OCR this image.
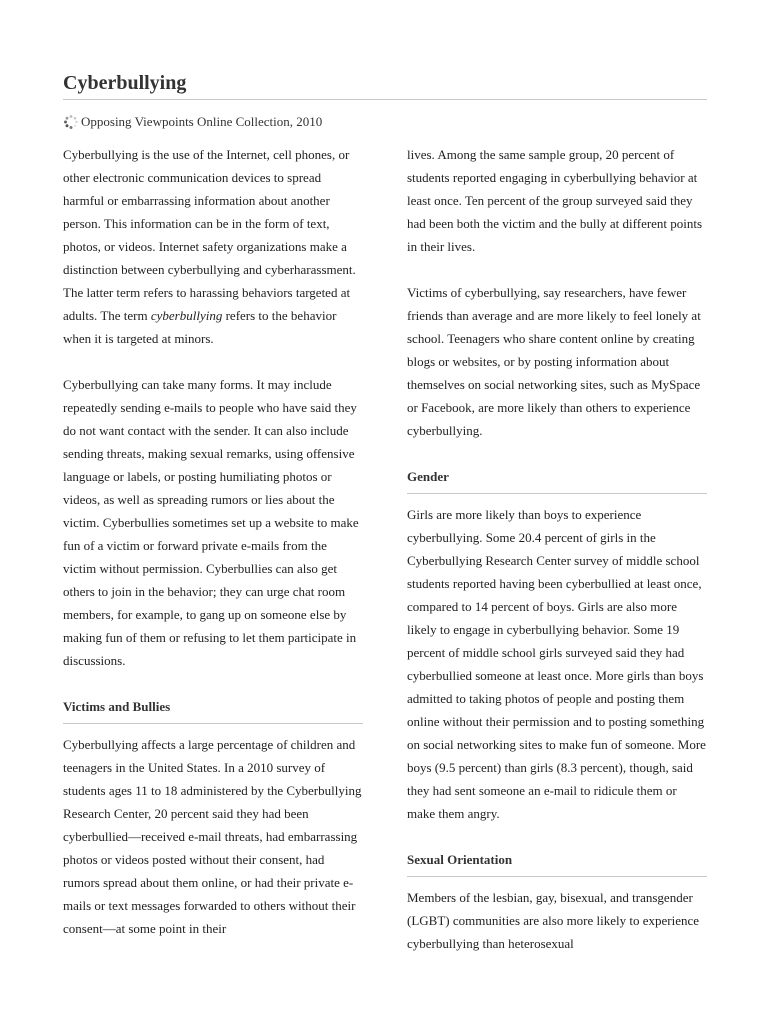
Cyberbullying
Opposing Viewpoints Online Collection, 2010

Cyberbullying is the use of the Internet, cell phones, or other electronic communication devices to spread harmful or embarrassing information about another person. This information can be in the form of text, photos, or videos. Internet safety organizations make a distinction between cyberbullying and cyberharassment. The latter term refers to harassing behaviors targeted at adults. The term cyberbullying refers to the behavior when it is targeted at minors.

Cyberbullying can take many forms. It may include repeatedly sending e-mails to people who have said they do not want contact with the sender. It can also include sending threats, making sexual remarks, using offensive language or labels, or posting humiliating photos or videos, as well as spreading rumors or lies about the victim. Cyberbullies sometimes set up a website to make fun of a victim or forward private e-mails from the victim without permission. Cyberbullies can also get others to join in the behavior; they can urge chat room members, for example, to gang up on someone else by making fun of them or refusing to let them participate in discussions.

Victims and Bullies

Cyberbullying affects a large percentage of children and teenagers in the United States. In a 2010 survey of students ages 11 to 18 administered by the Cyberbullying Research Center, 20 percent said they had been cyberbullied—received e-mail threats, had embarrassing photos or videos posted without their consent, had rumors spread about them online, or had their private e-mails or text messages forwarded to others without their consent—at some point in their

lives. Among the same sample group, 20 percent of students reported engaging in cyberbullying behavior at least once. Ten percent of the group surveyed said they had been both the victim and the bully at different points in their lives.

Victims of cyberbullying, say researchers, have fewer friends than average and are more likely to feel lonely at school. Teenagers who share content online by creating blogs or websites, or by posting information about themselves on social networking sites, such as MySpace or Facebook, are more likely than others to experience cyberbullying.

Gender

Girls are more likely than boys to experience cyberbullying. Some 20.4 percent of girls in the Cyberbullying Research Center survey of middle school students reported having been cyberbullied at least once, compared to 14 percent of boys. Girls are also more likely to engage in cyberbullying behavior. Some 19 percent of middle school girls surveyed said they had cyberbullied someone at least once. More girls than boys admitted to taking photos of people and posting them online without their permission and to posting something on social networking sites to make fun of someone. More boys (9.5 percent) than girls (8.3 percent), though, said they had sent someone an e-mail to ridicule them or make them angry.

Sexual Orientation

Members of the lesbian, gay, bisexual, and transgender (LGBT) communities are also more likely to experience cyberbullying than heterosexual
